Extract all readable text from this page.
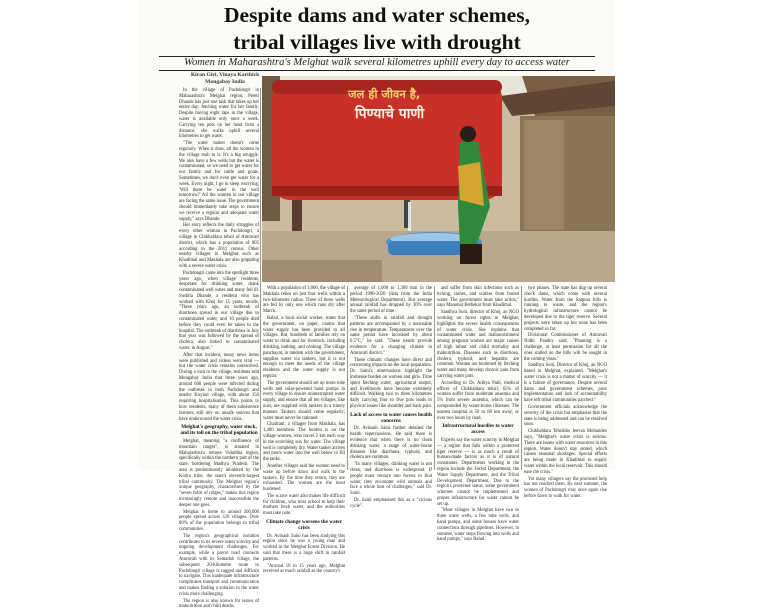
Despite dams and water schemes,
tribal villages live with drought
Women in Maharashtra's Melghat walk several kilometres uphill every day to access water
Kiran Giri, Vinaya Karthick
Mongabay India

In the village of Pachdongri in Maharashtra's Melghat region, Preeti Dhande has just one task that takes up her entire day: fetching water for her family. Despite having eight taps in the village, water is available only once a week. Carrying ten pots on her head from a distance, she walks uphill several kilometres to get water.

"The water tanker doesn't come regularly. When it does, all the women in the village rush to it. It's a big struggle. We also have a few wells but the water is contaminated, so we need to get water for our family and for cattle and goats. Sometimes, we don't even get water for a week. Every night, I go to sleep worrying, 'Will there be water in the well tomorrow?' All the women in our village are facing the same issue. The government should immediately take steps to ensure we receive a regular and adequate water supply," says Dhande.

Her story reflects the daily struggles of every other woman in Pachdongri, a village in Chikhaldara tehsil of Amravati district, which has a population of 805 according to the 2011 census. Other nearby villages in Melghat such as Khadimal and Makhala are also grappling with a severe water crisis.

Pachdongri came into the spotlight three years ago, when village residents, desperate for drinking water, drank contaminated well water and many fell ill. Sushila Dhande, a resident who has worked with Khoj for 15 years, recalls, "Three years ago, an outbreak of diarrhoea spread in our village due to contaminated water, and 10 people died before they could even be taken to the hospital. The outbreak of diarrhoea in July that year was followed by the spread of cholera, also linked to contaminated water, in August."

After that incident, many news items were published and videos went viral — but the water crisis remains unresolved. During a visit to the village, residents told Mongabay India that three years ago, around 600 people were infected during the outbreak in both Pachdongri and nearby Koylari village, with about 150 requiring hospitalisation. This points to how residents, many of them subsistence farmers, still rely on unsafe sources that have underscored the water crisis.

Melghat's geography, water stock, and its toll on the tribal population

Melghat, meaning "a confluence of mountain ranges", is situated in Maharashtra's remote Vidarbha region, specifically within the northern part of the state, bordering Madhya Pradesh. The area is predominantly inhabited by the Korku tribe, the state's eleventh-largest tribal community. The Melghat region's unique geography, characterised by the "seven folds of ridges," makes this region increasingly remote and inaccessible the deeper one goes.

Melghat is home to around 300,000 people spread across 320 villages. Over 80% of the population belongs to tribal communities.

The region's geographical isolation contributes to its severe water scarcity and ongoing development challenges. For example, while a parcel road connects Amravati with its Semadoh village, the subsequent 20-kilometre route to Pachdongri village is rugged and difficult to navigate. This inadequate infrastructure complicates transport and communication and makes finding a solution to the water crisis more challenging.

The region is also known for issues of malnutrition and child deaths.

जल ही जीवन है,
पिण्याचे पाणी

With a population of 3,000, the village of Makhala relies on just four wells within a two-kilometre radius. Three of these wells are fed by only one which runs dry after March.

Rahul, a local social worker, states that the government, on paper, claims that water supply has been provided to all villages. But, hundreds of families rely on water to drink and for livestock, including drinking, bathing, and cooking. The village panchayat, in tandem with the government, supplies water via tankers, but it is not enough to meet the needs of the village residents and the water supply is not regular.

The government should set up more tube wells and solar-powered hand pumps in every village to ensure uninterrupted water supply, and ensure that all ten villages, like ours, are supplied with tankers in a timely manner. Tankers should come regularly; water must never be rationed.

Chaitram, a villager from Makhala, has 1,400 members. The burden is on the village women, who travel 2 km each way in the scorching sun for water. The village well is completely dry. Water tanker arrives and pours water into the well below to fill the tanks.

Another villager said the women need to wake up before dawn and walk to the tankers. By the time they return, they are exhausted. The women are the most burdened.

The scarce water also makes life difficult for children, who miss school to help their mothers fetch water, and the authorities must take note.

Climate change worsens the water crisis

Dr. Avinash Saini has been studying this region since he was a young man and worked in the Melghat Forest Division. He said that there is a huge shift in rainfall patterns.

"Around 10 to 15 years ago, Melghat received as much rainfall as the country's

average of 1,000 to 1,300 mm in the period 1990-2020 (data from the India Meteorological Department). But average annual rainfall has dropped by 30% over the same period of time.

"These shifts in rainfall and drought patterns are accompanied by a noticeable rise in temperature. Temperatures over the same period have increased by about 0.5°C," he said. "These trends provide evidence for a changing climate in Amravati district."

These climatic changes have direct and concerning impacts on the local population. Dr. Saini's observations highlight the immense burden on women and girls. Time spent fetching water, agricultural output, and livelihoods have become extremely difficult. Walking two to three kilometres daily carrying four to five pots leads to physical issues like shoulder and back pain.

Lack of access to water causes health concerns

Dr. Avinash Saini further detailed the health repercussions. He said there is evidence that when there is no clean drinking water, a range of water-borne diseases like diarrhoea, typhoid, and cholera are common.

"In many villages, drinking water is not clean, and diarrhoea is widespread. If people must venture into forests to find water, they encounter wild animals and face a whole host of challenges," said Dr. Saini.

Dr. Saini emphasised this as a "vicious cycle".

and suffer from skin infections such as itching, rashes, and scabies from fouled water. The government must take action," says Manohar Bethekar from Khadimal.

Sandhya Soni, director of Khoj, an NGO working on forest rights in Melghat, highlights the severe health consequences of water crisis. She explains that contaminated water and malnourishment among pregnant women are major causes of high infant and child mortality and malnutrition. Diseases such as diarrhoea, cholera, typhoid, and hepatitis are common. Women are burdened by fetching water and many develop chronic pain from carrying water pots.

According to Dr. Aditya Patil, medical officer of Chikhaldara tehsil, 65% of women suffer from moderate anaemia and 5% from severe anaemia, which can be compounded by water-borne illnesses. The nearest hospital is 50 to 60 km away, or over two hours by road.

Infrastructural hurdles to water access

Experts say the water scarcity in Melghat — a region that falls within a protected tiger reserve — is as much a result of human-made factors as it is of natural constraints. Departments working in the region include the Forest Department, the Water Supply Department, and the Tribal Development Department. Due to the region's protected status, some government schemes cannot be implemented and proper infrastructure for water cannot be set up.

"Most villages in Melghat have two to three water wells, a few tube wells, and hand pumps, and some houses have water connections through pipelines. However, in summer, water stops flowing into wells and hand pumps," says Rahul.

two phases. The state has dug up several check dams, which come with several hurdles. Water from the Satpura hills is running to waste, and the region's hydrological infrastructure cannot be developed due to the tiger reserve. Several projects were taken up but none has been completed so far.

Divisional Commissioner of Amravati Nidhi Pandey said, "Planning is a challenge, at least permission for all the ones stalled on the hills will be sought in the coming years."

Sandhya Soni, Director of Khoj, an NGO based in Melghat, explained, "Melghat's water crisis is not a matter of scarcity — it is a failure of governance. Despite several dams and government schemes, poor implementation and lack of accountability have left tribal communities parched."

Government officials acknowledge the severity of the crisis but emphasise that the state is being addressed and can be resolved soon.

Chikhaldara Tehsildar Jeevan Mohandeo says, "Melghat's water crisis is serious. There are issues with water resources in this region. Water doesn't stay stored, which causes seasonal shortages. Special efforts are being made in Khadimal to supply water within the local reservoir. This should ease the crisis."

Yet many villagers say the promised help has not reached them. By next summer, the women of Pachdongri may once again rise before dawn to walk for water.
